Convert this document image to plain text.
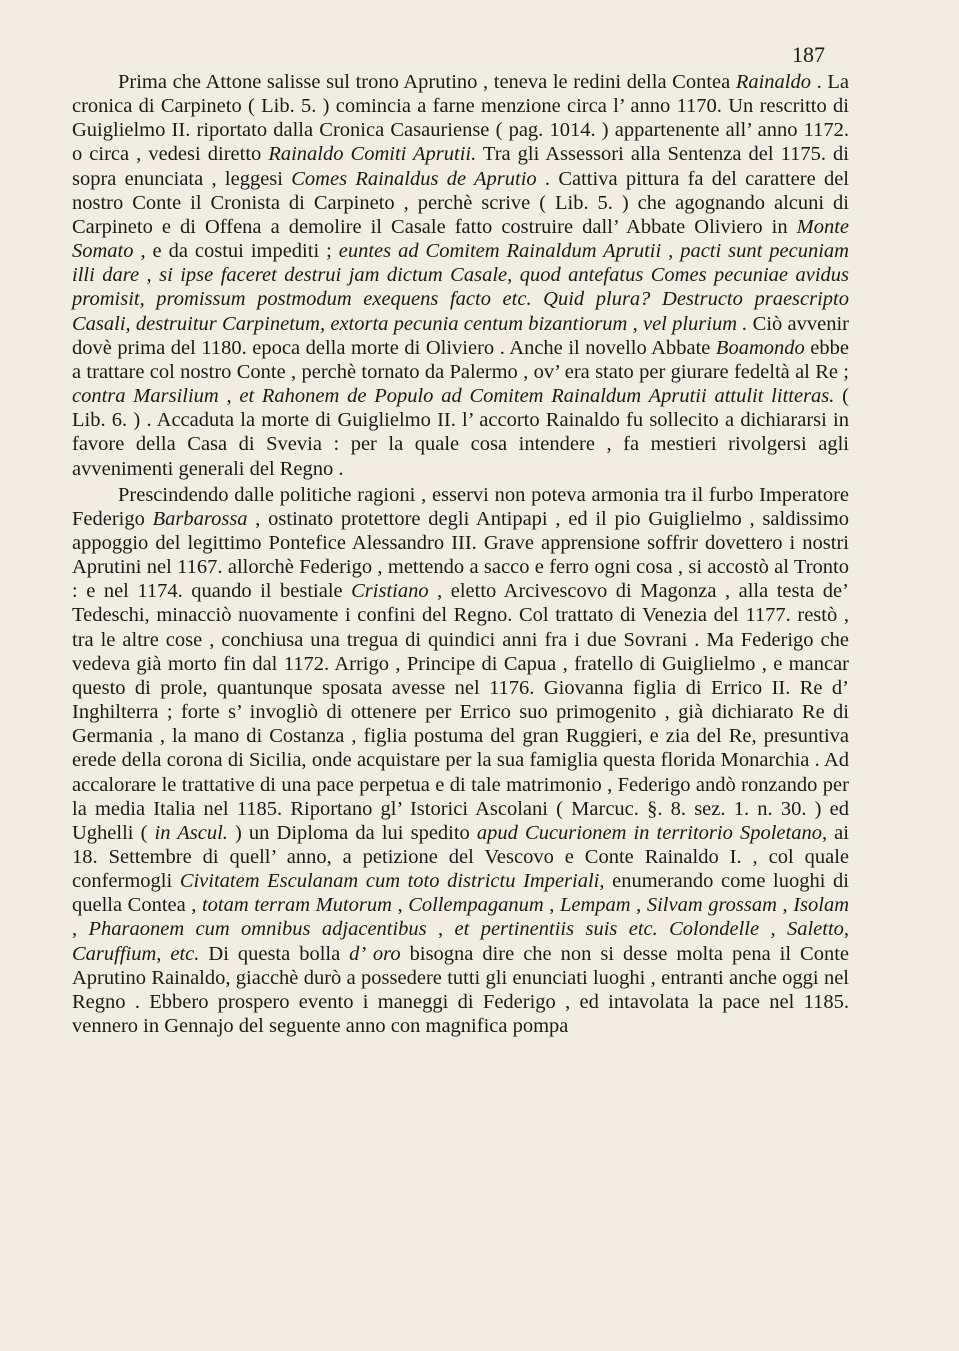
187

Prima che Attone salisse sul trono Aprutino , teneva le redini della Contea Rainaldo . La cronica di Carpineto ( Lib. 5. ) comincia a farne menzione circa l’ anno 1170. Un rescritto di Guiglielmo II. riportato dalla Cronica Casauriense ( pag. 1014. ) appartenente all’ anno 1172. o circa , vedesi diretto Rainaldo Comiti Aprutii. Tra gli Assessori alla Sentenza del 1175. di sopra enunciata , leggesi Comes Rainaldus de Aprutio . Cattiva pittura fa del carattere del nostro Conte il Cronista di Carpineto , perchè scrive ( Lib. 5. ) che agognando alcuni di Carpineto e di Offena a demolire il Casale fatto costruire dall’ Abbate Oliviero in Monte Somato , e da costui impediti ; euntes ad Comitem Rainaldum Aprutii , pacti sunt pecuniam illi dare , si ipse faceret destrui jam dictum Casale, quod antefatus Comes pecuniae avidus promisit, promissum postmodum exequens facto etc. Quid plura? Destructo praescripto Casali, destruitur Carpinetum, extorta pecunia centum bizantiorum , vel plurium . Ciò avvenir dovè prima del 1180. epoca della morte di Oliviero . Anche il novello Abbate Boamondo ebbe a trattare col nostro Conte , perchè tornato da Palermo , ov’ era stato per giurare fedeltà al Re ; contra Marsilium , et Rahonem de Populo ad Comitem Rainaldum Aprutii attulit litteras. ( Lib. 6. ) . Accaduta la morte di Guiglielmo II. l’ accorto Rainaldo fu sollecito a dichiararsi in favore della Casa di Svevia : per la quale cosa intendere , fa mestieri rivolgersi agli avvenimenti generali del Regno .

Prescindendo dalle politiche ragioni , esservi non poteva armonia tra il furbo Imperatore Federigo Barbarossa , ostinato protettore degli Antipapi , ed il pio Guiglielmo , saldissimo appoggio del legittimo Pontefice Alessandro III. Grave apprensione soffrir dovettero i nostri Aprutini nel 1167. allorchè Federigo , mettendo a sacco e ferro ogni cosa , si accostò al Tronto : e nel 1174. quando il bestiale Cristiano , eletto Arcivescovo di Magonza , alla testa de’ Tedeschi, minacciò nuovamente i confini del Regno. Col trattato di Venezia del 1177. restò , tra le altre cose , conchiusa una tregua di quindici anni fra i due Sovrani . Ma Federigo che vedeva già morto fin dal 1172. Arrigo , Principe di Capua , fratello di Guiglielmo , e mancar questo di prole, quantunque sposata avesse nel 1176. Giovanna figlia di Errico II. Re d’ Inghilterra ; forte s’ invogliò di ottenere per Errico suo primogenito , già dichiarato Re di Germania , la mano di Costanza , figlia postuma del gran Ruggieri, e zia del Re, presuntiva erede della corona di Sicilia, onde acquistare per la sua famiglia questa florida Monarchia . Ad accalorare le trattative di una pace perpetua e di tale matrimonio , Federigo andò ronzando per la media Italia nel 1185. Riportano gl’ Istorici Ascolani ( Marcuc. §. 8. sez. 1. n. 30. ) ed Ughelli ( in Ascul. ) un Diploma da lui spedito apud Cucurionem in territorio Spoletano, ai 18. Settembre di quell’ anno, a petizione del Vescovo e Conte Rainaldo I. , col quale confermogli Civitatem Esculanam cum toto districtu Imperiali, enumerando come luoghi di quella Contea , totam terram Mutorum , Collempaganum , Lempam , Silvam grossam , Isolam , Pharaonem cum omnibus adjacentibus , et pertinentiis suis etc. Colondelle , Saletto, Caruffium, etc. Di questa bolla d’ oro bisogna dire che non si desse molta pena il Conte Aprutino Rainaldo, giacchè durò a possedere tutti gli enunciati luoghi , entranti anche oggi nel Regno . Ebbero prospero evento i maneggi di Federigo , ed intavolata la pace nel 1185. vennero in Gennajo del seguente anno con magnifica pompa
